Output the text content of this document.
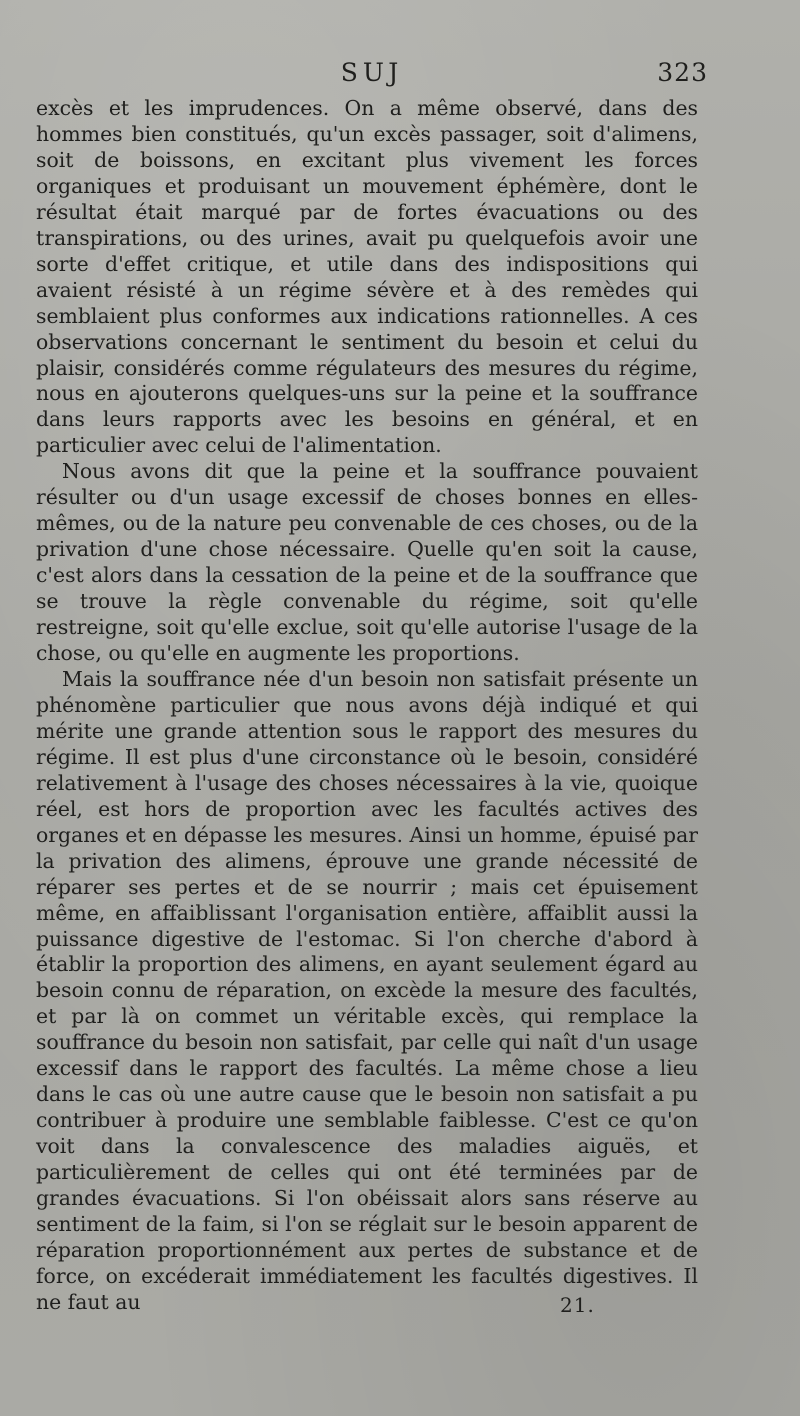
SUJ	323

excès et les imprudences. On a même observé, dans des hommes bien constitués, qu'un excès passager, soit d'alimens, soit de boissons, en excitant plus vivement les forces organiques et produisant un mouvement éphémère, dont le résultat était marqué par de fortes évacuations ou des transpirations, ou des urines, avait pu quelquefois avoir une sorte d'effet critique, et utile dans des indispositions qui avaient résisté à un régime sévère et à des remèdes qui semblaient plus conformes aux indications rationnelles. A ces observations concernant le sentiment du besoin et celui du plaisir, considérés comme régulateurs des mesures du régime, nous en ajouterons quelques-uns sur la peine et la souffrance dans leurs rapports avec les besoins en général, et en particulier avec celui de l'alimentation.

Nous avons dit que la peine et la souffrance pouvaient résulter ou d'un usage excessif de choses bonnes en elles-mêmes, ou de la nature peu convenable de ces choses, ou de la privation d'une chose nécessaire. Quelle qu'en soit la cause, c'est alors dans la cessation de la peine et de la souffrance que se trouve la règle convenable du régime, soit qu'elle restreigne, soit qu'elle exclue, soit qu'elle autorise l'usage de la chose, ou qu'elle en augmente les proportions.

Mais la souffrance née d'un besoin non satisfait présente un phénomène particulier que nous avons déjà indiqué et qui mérite une grande attention sous le rapport des mesures du régime. Il est plus d'une circonstance où le besoin, considéré relativement à l'usage des choses nécessaires à la vie, quoique réel, est hors de proportion avec les facultés actives des organes et en dépasse les mesures. Ainsi un homme, épuisé par la privation des alimens, éprouve une grande nécessité de réparer ses pertes et de se nourrir ; mais cet épuisement même, en affaiblissant l'organisation entière, affaiblit aussi la puissance digestive de l'estomac. Si l'on cherche d'abord à établir la proportion des alimens, en ayant seulement égard au besoin connu de réparation, on excède la mesure des facultés, et par là on commet un véritable excès, qui remplace la souffrance du besoin non satisfait, par celle qui naît d'un usage excessif dans le rapport des facultés. La même chose a lieu dans le cas où une autre cause que le besoin non satisfait a pu contribuer à produire une semblable faiblesse. C'est ce qu'on voit dans la convalescence des maladies aiguës, et particulièrement de celles qui ont été terminées par de grandes évacuations. Si l'on obéissait alors sans réserve au sentiment de la faim, si l'on se réglait sur le besoin apparent de réparation proportionnément aux pertes de substance et de force, on excéderait immédiatement les facultés digestives. Il ne faut au	21.
